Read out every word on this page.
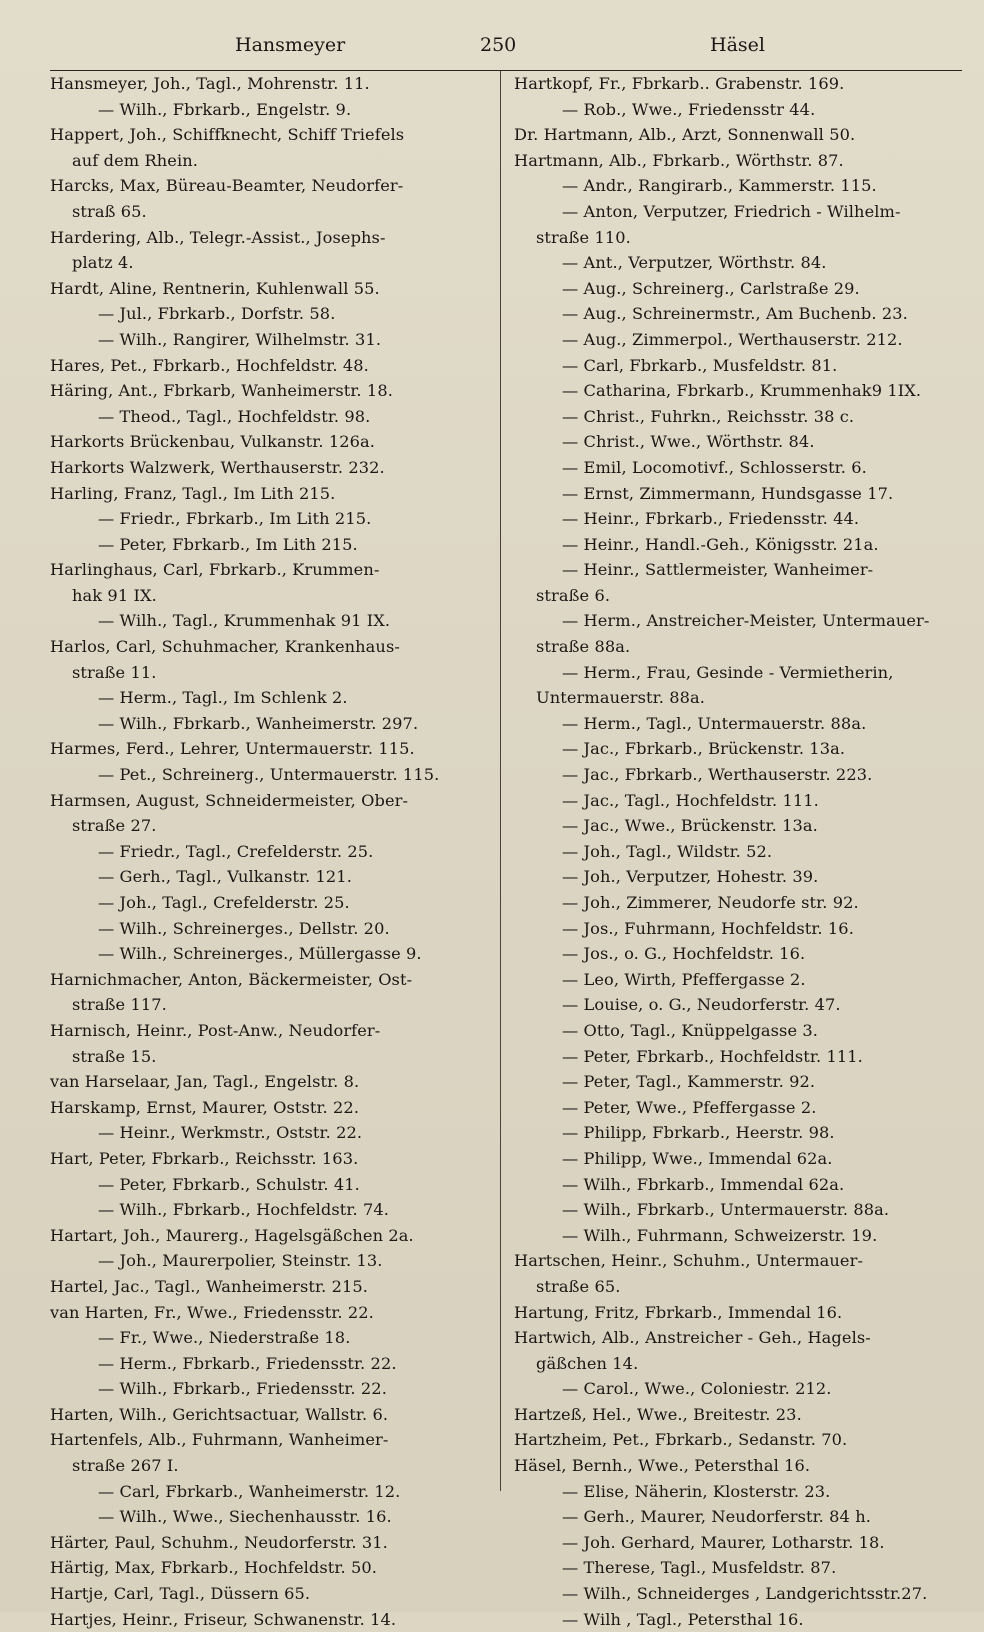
Hansmeyer	250	Häsel

Hansmeyer, Joh., Tagl., Mohrenstr. 11.

— Wilh., Fbrkarb., Engelstr. 9.

Happert, Joh., Schiffknecht, Schiff Triefels

auf dem Rhein.

Harcks, Max, Büreau-Beamter, Neudorfer-

straß 65.

Hardering, Alb., Telegr.-Assist., Josephs-

platz 4.

Hardt, Aline, Rentnerin, Kuhlenwall 55.

— Jul., Fbrkarb., Dorfstr. 58.

— Wilh., Rangirer, Wilhelmstr. 31.

Hares, Pet., Fbrkarb., Hochfeldstr. 48.

Häring, Ant., Fbrkarb, Wanheimerstr. 18.

— Theod., Tagl., Hochfeldstr. 98.

Harkorts Brückenbau, Vulkanstr. 126a.

Harkorts Walzwerk, Werthauserstr. 232.

Harling, Franz, Tagl., Im Lith 215.

— Friedr., Fbrkarb., Im Lith 215.

— Peter, Fbrkarb., Im Lith 215.

Harlinghaus, Carl, Fbrkarb., Krummen-

hak 91 IX.

— Wilh., Tagl., Krummenhak 91 IX.

Harlos, Carl, Schuhmacher, Krankenhaus-

straße 11.

— Herm., Tagl., Im Schlenk 2.

— Wilh., Fbrkarb., Wanheimerstr. 297.

Harmes, Ferd., Lehrer, Untermauerstr. 115.

— Pet., Schreinerg., Untermauerstr. 115.

Harmsen, August, Schneidermeister, Ober-

straße 27.

— Friedr., Tagl., Crefelderstr. 25.

— Gerh., Tagl., Vulkanstr. 121.

— Joh., Tagl., Crefelderstr. 25.

— Wilh., Schreinerges., Dellstr. 20.

— Wilh., Schreinerges., Müllergasse 9.

Harnichmacher, Anton, Bäckermeister, Ost-

straße 117.

Harnisch, Heinr., Post-Anw., Neudorfer-

straße 15.

van Harselaar, Jan, Tagl., Engelstr. 8.

Harskamp, Ernst, Maurer, Oststr. 22.

— Heinr., Werkmstr., Oststr. 22.

Hart, Peter, Fbrkarb., Reichsstr. 163.

— Peter, Fbrkarb., Schulstr. 41.

— Wilh., Fbrkarb., Hochfeldstr. 74.

Hartart, Joh., Maurerg., Hagelsgäßchen 2a.

— Joh., Maurerpolier, Steinstr. 13.

Hartel, Jac., Tagl., Wanheimerstr. 215.

van Harten, Fr., Wwe., Friedensstr. 22.

— Fr., Wwe., Niederstraße 18.

— Herm., Fbrkarb., Friedensstr. 22.

— Wilh., Fbrkarb., Friedensstr. 22.

Harten, Wilh., Gerichtsactuar, Wallstr. 6.

Hartenfels, Alb., Fuhrmann, Wanheimer-

straße 267 I.

— Carl, Fbrkarb., Wanheimerstr. 12.

— Wilh., Wwe., Siechenhausstr. 16.

Härter, Paul, Schuhm., Neudorferstr. 31.

Härtig, Max, Fbrkarb., Hochfeldstr. 50.

Hartje, Carl, Tagl., Düssern 65.

Hartjes, Heinr., Friseur, Schwanenstr. 14.

Hartkopf, Fr., Fbrkarb.. Grabenstr. 169.

— Rob., Wwe., Friedensstr 44.

Dr. Hartmann, Alb., Arzt, Sonnenwall 50.

Hartmann, Alb., Fbrkarb., Wörthstr. 87.

— Andr., Rangirarb., Kammerstr. 115.

— Anton, Verputzer, Friedrich - Wilhelm-

straße 110.

— Ant., Verputzer, Wörthstr. 84.

— Aug., Schreinerg., Carlstraße 29.

— Aug., Schreinermstr., Am Buchenb. 23.

— Aug., Zimmerpol., Werthauserstr. 212.

— Carl, Fbrkarb., Musfeldstr. 81.

— Catharina, Fbrkarb., Krummenhak9 1IX.

— Christ., Fuhrkn., Reichsstr. 38 c.

— Christ., Wwe., Wörthstr. 84.

— Emil, Locomotivf., Schlosserstr. 6.

— Ernst, Zimmermann, Hundsgasse 17.

— Heinr., Fbrkarb., Friedensstr. 44.

— Heinr., Handl.-Geh., Königsstr. 21a.

— Heinr., Sattlermeister, Wanheimer-

straße 6.

— Herm., Anstreicher-Meister, Untermauer-

straße 88a.

— Herm., Frau, Gesinde - Vermietherin,

Untermauerstr. 88a.

— Herm., Tagl., Untermauerstr. 88a.

— Jac., Fbrkarb., Brückenstr. 13a.

— Jac., Fbrkarb., Werthauserstr. 223.

— Jac., Tagl., Hochfeldstr. 111.

— Jac., Wwe., Brückenstr. 13a.

— Joh., Tagl., Wildstr. 52.

— Joh., Verputzer, Hohestr. 39.

— Joh., Zimmerer, Neudorfe str. 92.

— Jos., Fuhrmann, Hochfeldstr. 16.

— Jos., o. G., Hochfeldstr. 16.

— Leo, Wirth, Pfeffergasse 2.

— Louise, o. G., Neudorferstr. 47.

— Otto, Tagl., Knüppelgasse 3.

— Peter, Fbrkarb., Hochfeldstr. 111.

— Peter, Tagl., Kammerstr. 92.

— Peter, Wwe., Pfeffergasse 2.

— Philipp, Fbrkarb., Heerstr. 98.

— Philipp, Wwe., Immendal 62a.

— Wilh., Fbrkarb., Immendal 62a.

— Wilh., Fbrkarb., Untermauerstr. 88a.

— Wilh., Fuhrmann, Schweizerstr. 19.

Hartschen, Heinr., Schuhm., Untermauer-

straße 65.

Hartung, Fritz, Fbrkarb., Immendal 16.

Hartwich, Alb., Anstreicher - Geh., Hagels-

gäßchen 14.

— Carol., Wwe., Coloniestr. 212.

Hartzeß, Hel., Wwe., Breitestr. 23.

Hartzheim, Pet., Fbrkarb., Sedanstr. 70.

Häsel, Bernh., Wwe., Petersthal 16.

— Elise, Näherin, Klosterstr. 23.

— Gerh., Maurer, Neudorferstr. 84 h.

— Joh. Gerhard, Maurer, Lotharstr. 18.

— Therese, Tagl., Musfeldstr. 87.

— Wilh., Schneiderges , Landgerichtsstr.27.

— Wilh , Tagl., Petersthal 16.
